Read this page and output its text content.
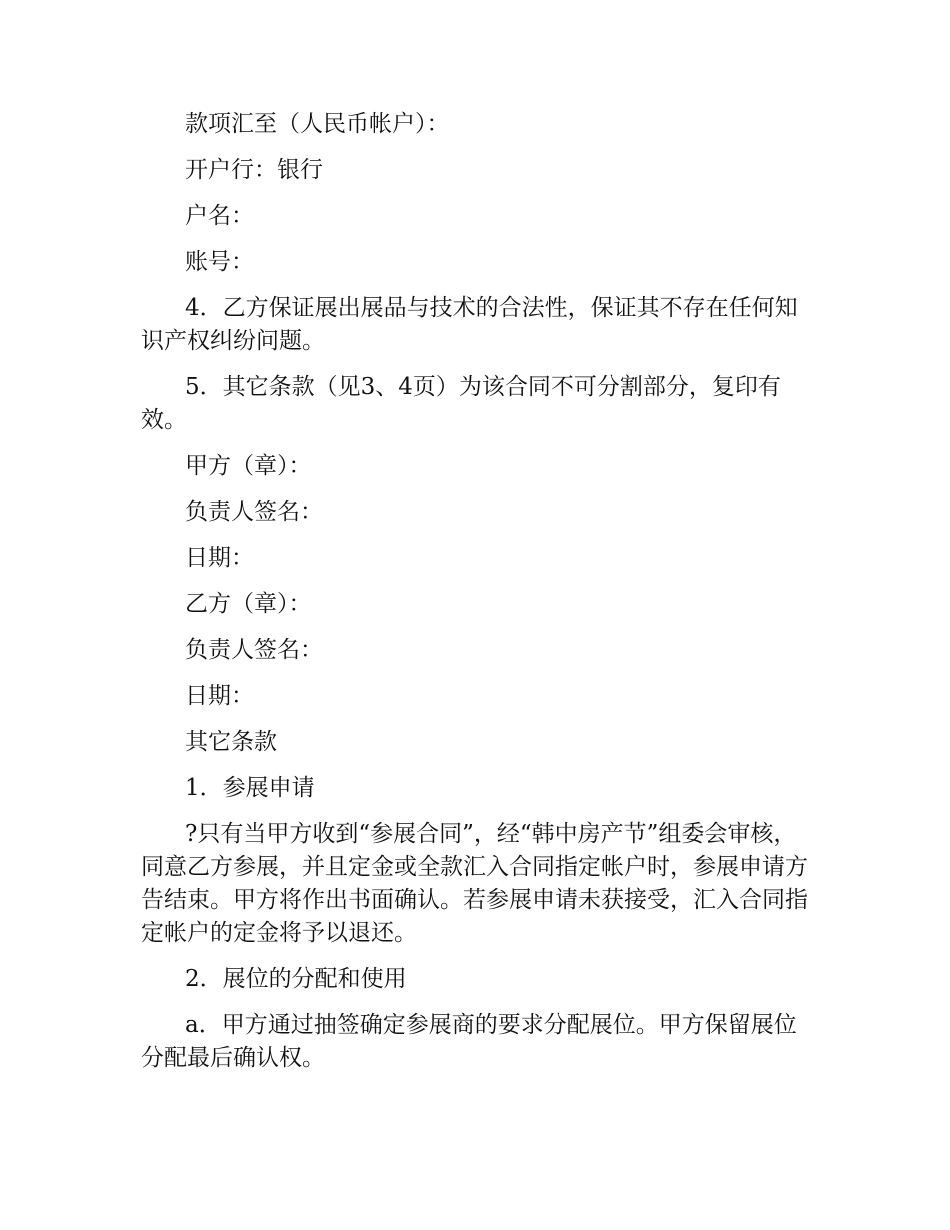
款项汇至（人民币帐户）：

开户行：银行

户名：

账号：

4．乙方保证展出展品与技术的合法性，保证其不存在任何知识产权纠纷问题。

5．其它条款（见3、4页）为该合同不可分割部分，复印有效。

甲方（章）：

负责人签名：

日期：

乙方（章）：

负责人签名：

日期：

其它条款

1．参展申请

?只有当甲方收到“参展合同”，经“韩中房产节”组委会审核，同意乙方参展，并且定金或全款汇入合同指定帐户时，参展申请方告结束。甲方将作出书面确认。若参展申请未获接受，汇入合同指定帐户的定金将予以退还。

2．展位的分配和使用

a．甲方通过抽签确定参展商的要求分配展位。甲方保留展位分配最后确认权。
